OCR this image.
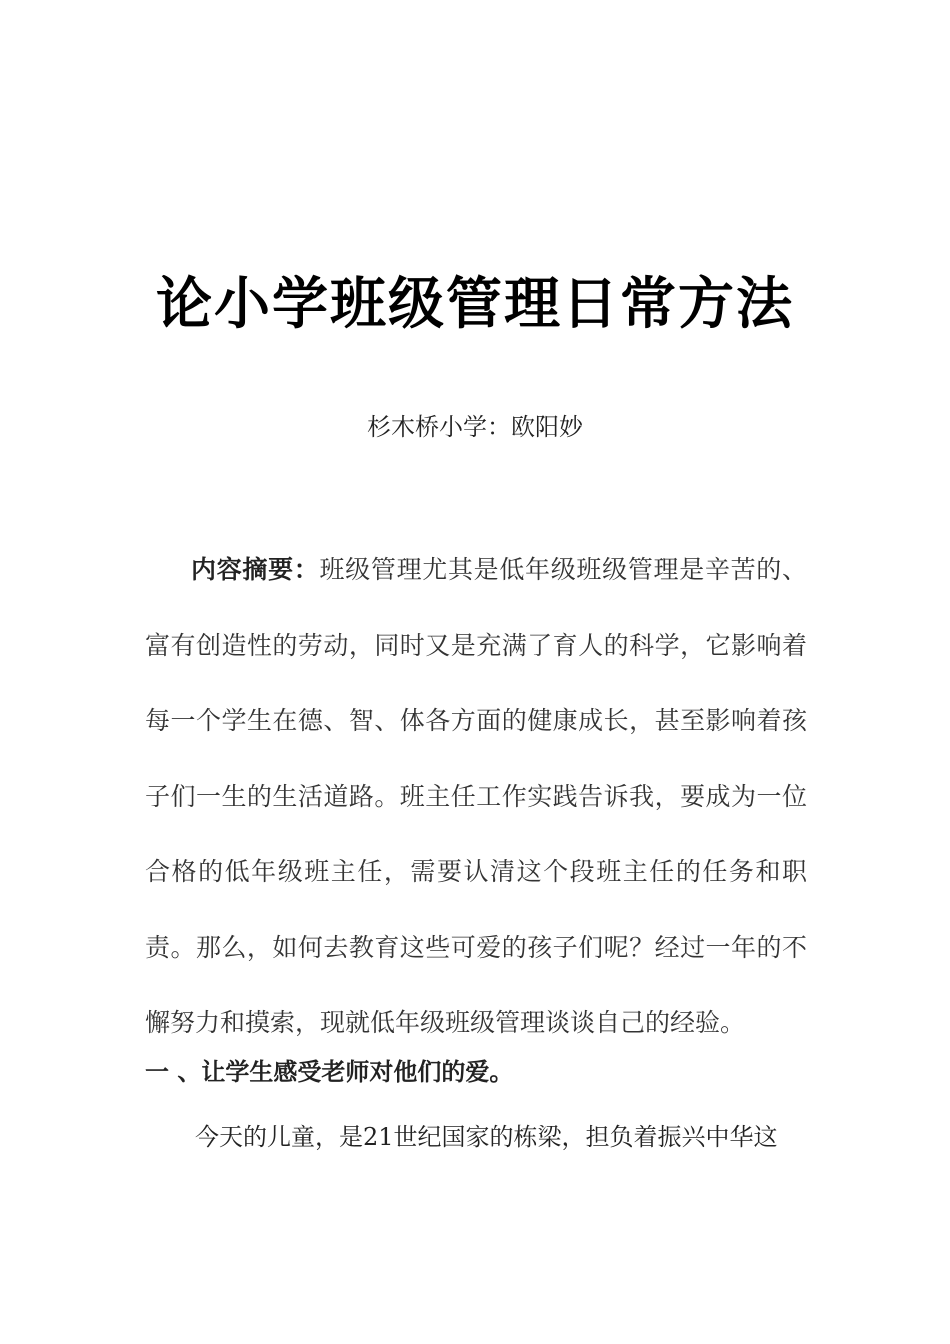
论小学班级管理日常方法
杉木桥小学：欧阳妙

内容摘要：班级管理尤其是低年级班级管理是辛苦的、富有创造性的劳动，同时又是充满了育人的科学，它影响着每一个学生在德、智、体各方面的健康成长，甚至影响着孩子们一生的生活道路。班主任工作实践告诉我，要成为一位合格的低年级班主任，需要认清这个段班主任的任务和职责。那么，如何去教育这些可爱的孩子们呢？经过一年的不懈努力和摸索，现就低年级班级管理谈谈自己的经验。

一 、让学生感受老师对他们的爱。

今天的儿童，是21世纪国家的栋梁，担负着振兴中华这
